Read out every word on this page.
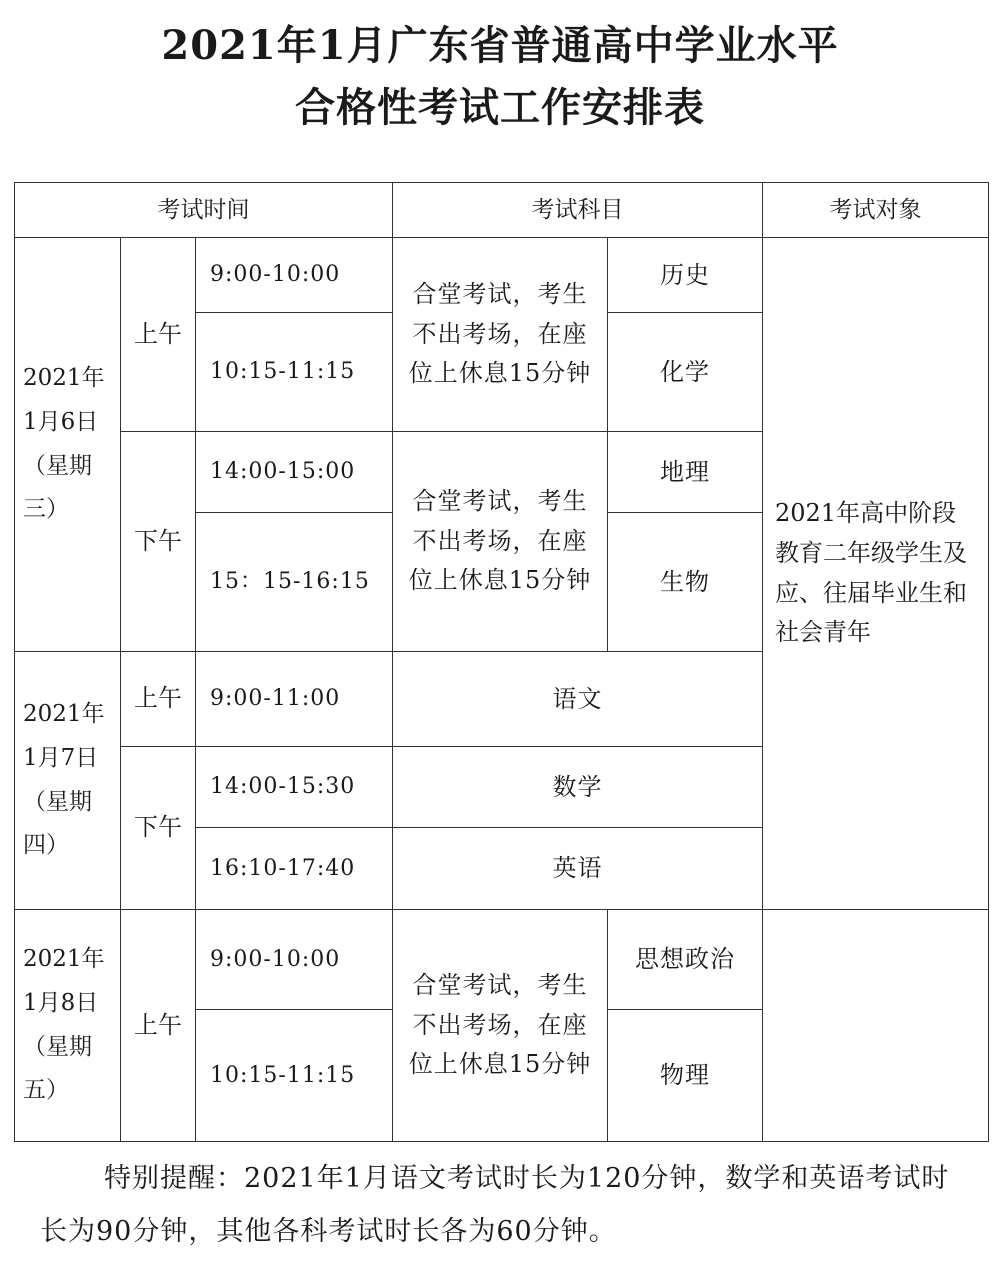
2021年1月广东省普通高中学业水平
合格性考试工作安排表
考试时间			考试科目		考试对象
2021年1月6日（星期三）	上午	9:00-10:00	合堂考试，考生不出考场，在座位上休息15分钟	历史	2021年高中阶段教育二年级学生及应、往届毕业生和社会青年
		10:15-11:15		化学	
	下午	14:00-15:00	合堂考试，考生不出考场，在座位上休息15分钟	地理	
		15：15-16:15		生物	
2021年1月7日（星期四）	上午	9:00-11:00	语文		
	下午	14:00-15:30	数学		
		16:10-17:40	英语		
2021年1月8日（星期五）	上午	9:00-10:00	合堂考试，考生不出考场，在座位上休息15分钟	思想政治	
		10:15-11:15		物理	
特别提醒：2021年1月语文考试时长为120分钟，数学和英语考试时长为90分钟，其他各科考试时长各为60分钟。
